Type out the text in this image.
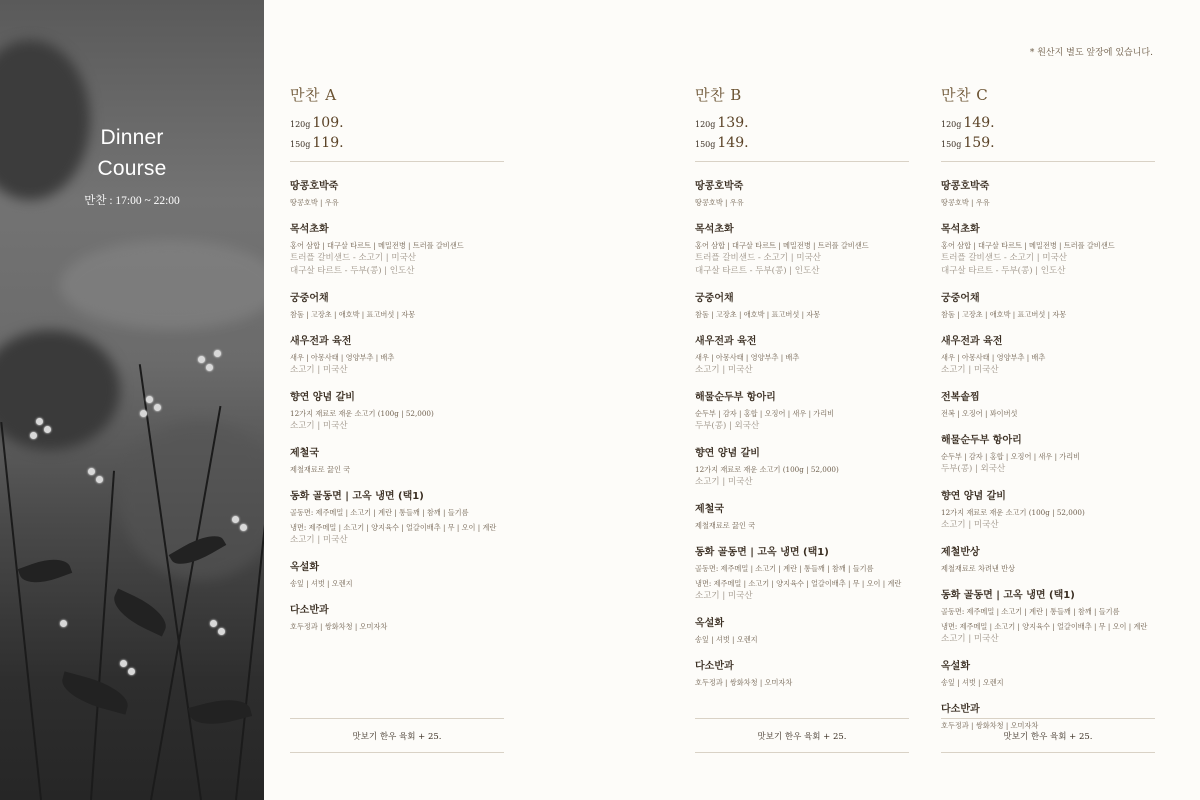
Dinner
Course
만찬 : 17:00 ~ 22:00
* 원산지 별도 앞장에 있습니다.
만찬 A
120g 109.
150g 119.
땅콩호박죽
땅콩호박 | 우유
목석초화
홍어 삼합 | 대구살 타르트 | 메밀전병 | 트러플 갈비샌드
트러플 갈비샌드 - 소고기 | 미국산
대구살 타르트 - 두부(콩) | 인도산
궁중어채
참돔 | 고장초 | 애호박 | 표고버섯 | 자몽
새우전과 육전
새우 | 아몽사태 | 영양부추 | 배추
소고기 | 미국산
향연 양념 갈비
12가지 재료로 재운 소고기 (100g | 52,000)
소고기 | 미국산
제철국
제철재료로 끓인 국
동화 골동면 | 고옥 냉면 (택1)
골동면: 제주메밀 | 소고기 | 계란 | 통들깨 | 참깨 | 들기름
냉면: 제주메밀 | 소고기 | 양지육수 | 얼갈이배추 | 무 | 오이 | 계란
소고기 | 미국산
옥설화
송잎 | 셔벗 | 오렌지
다소반과
호두정과 | 쌍화차청 | 오미자차
만찬 B
120g 139.
150g 149.
땅콩호박죽
땅콩호박 | 우유
목석초화
홍어 삼합 | 대구살 타르트 | 메밀전병 | 트러플 갈비샌드
트러플 갈비샌드 - 소고기 | 미국산
대구살 타르트 - 두부(콩) | 인도산
궁중어채
참돔 | 고장초 | 애호박 | 표고버섯 | 자몽
새우전과 육전
새우 | 아몽사태 | 영양부추 | 배추
소고기 | 미국산
해물순두부 항아리
순두부 | 감자 | 홍합 | 오징어 | 새우 | 가리비
두부(콩) | 외국산
향연 양념 갈비
12가지 재료로 재운 소고기 (100g | 52,000)
소고기 | 미국산
제철국
제철재료로 끓인 국
동화 골동면 | 고옥 냉면 (택1)
골동면: 제주메밀 | 소고기 | 계란 | 통들깨 | 참깨 | 들기름
냉면: 제주메밀 | 소고기 | 양지육수 | 얼갈이배추 | 무 | 오이 | 계란
소고기 | 미국산
옥설화
송잎 | 셔벗 | 오렌지
다소반과
호두정과 | 쌍화차청 | 오미자차
만찬 C
120g 149.
150g 159.
땅콩호박죽
땅콩호박 | 우유
목석초화
홍어 삼합 | 대구살 타르트 | 메밀전병 | 트러플 갈비샌드
트러플 갈비샌드 - 소고기 | 미국산
대구살 타르트 - 두부(콩) | 인도산
궁중어채
참돔 | 고장초 | 애호박 | 표고버섯 | 자몽
새우전과 육전
새우 | 아몽사태 | 영양부추 | 배추
소고기 | 미국산
전복솥찜
전복 | 오징어 | 꽈이버섯
해물순두부 항아리
순두부 | 감자 | 홍합 | 오징어 | 새우 | 가리비
두부(콩) | 외국산
향연 양념 갈비
12가지 재료로 재운 소고기 (100g | 52,000)
소고기 | 미국산
제철반상
제철재료로 차려낸 반상
동화 골동면 | 고옥 냉면 (택1)
골동면: 제주메밀 | 소고기 | 계란 | 통들깨 | 참깨 | 들기름
냉면: 제주메밀 | 소고기 | 양지육수 | 얼갈이배추 | 무 | 오이 | 계란
소고기 | 미국산
옥설화
송잎 | 셔벗 | 오렌지
다소반과
호두정과 | 쌍화차청 | 오미자차
맛보기 한우 육회 + 25.	맛보기 한우 육회 + 25.	맛보기 한우 육회 + 25.
